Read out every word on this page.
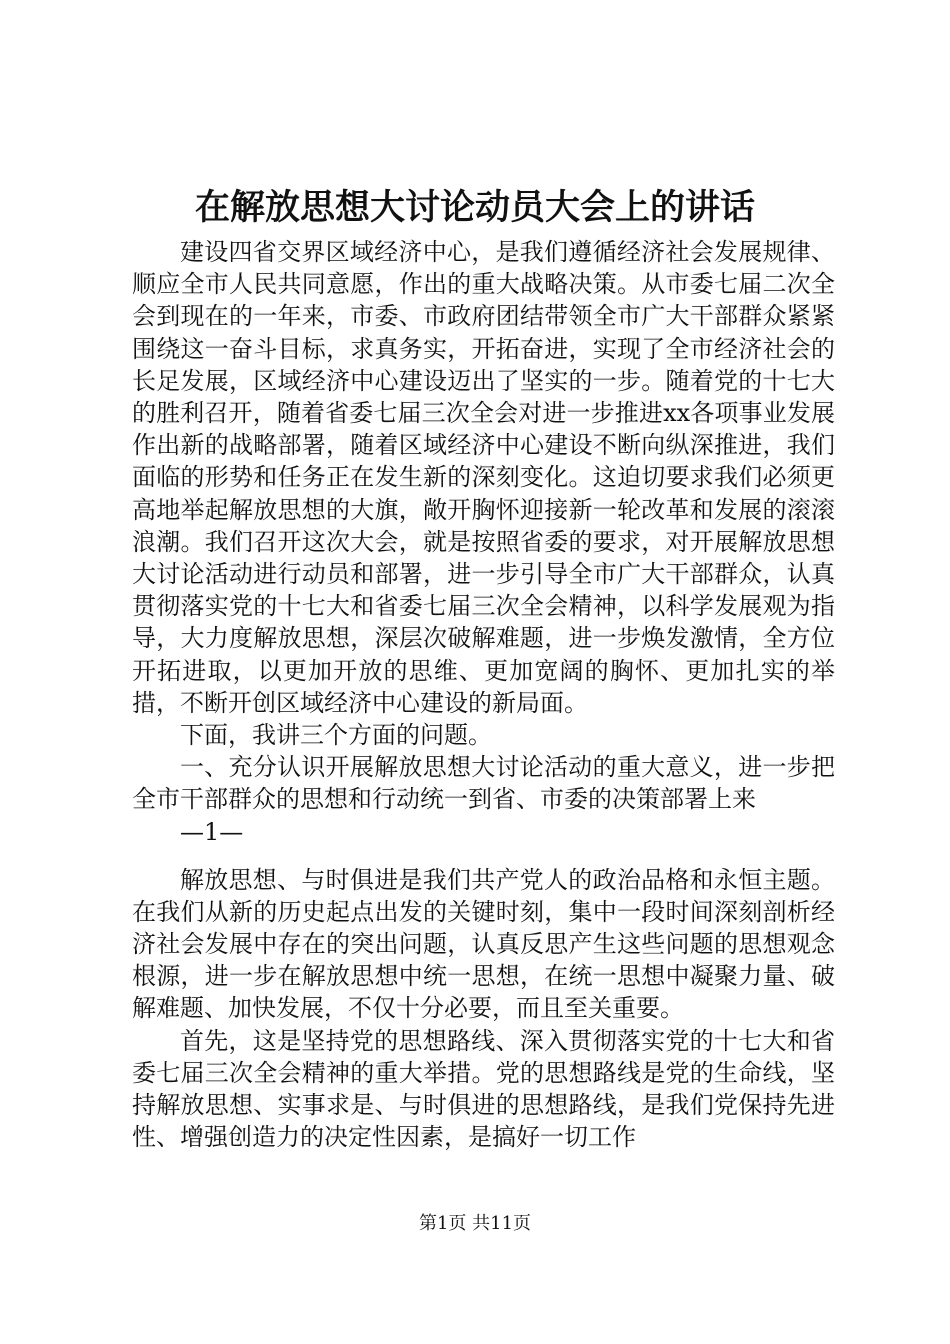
在解放思想大讨论动员大会上的讲话

建设四省交界区域经济中心，是我们遵循经济社会发展规律、顺应全市人民共同意愿，作出的重大战略决策。从市委七届二次全会到现在的一年来，市委、市政府团结带领全市广大干部群众紧紧围绕这一奋斗目标，求真务实，开拓奋进，实现了全市经济社会的长足发展，区域经济中心建设迈出了坚实的一步。随着党的十七大的胜利召开，随着省委七届三次全会对进一步推进xx各项事业发展作出新的战略部署，随着区域经济中心建设不断向纵深推进，我们面临的形势和任务正在发生新的深刻变化。这迫切要求我们必须更高地举起解放思想的大旗，敞开胸怀迎接新一轮改革和发展的滚滚浪潮。我们召开这次大会，就是按照省委的要求，对开展解放思想大讨论活动进行动员和部署，进一步引导全市广大干部群众，认真贯彻落实党的十七大和省委七届三次全会精神，以科学发展观为指导，大力度解放思想，深层次破解难题，进一步焕发激情，全方位开拓进取，以更加开放的思维、更加宽阔的胸怀、更加扎实的举措，不断开创区域经济中心建设的新局面。

下面，我讲三个方面的问题。

一、充分认识开展解放思想大讨论活动的重大意义，进一步把全市干部群众的思想和行动统一到省、市委的决策部署上来

—1—

解放思想、与时俱进是我们共产党人的政治品格和永恒主题。在我们从新的历史起点出发的关键时刻，集中一段时间深刻剖析经济社会发展中存在的突出问题，认真反思产生这些问题的思想观念根源，进一步在解放思想中统一思想，在统一思想中凝聚力量、破解难题、加快发展，不仅十分必要，而且至关重要。

首先，这是坚持党的思想路线、深入贯彻落实党的十七大和省委七届三次全会精神的重大举措。党的思想路线是党的生命线，坚持解放思想、实事求是、与时俱进的思想路线，是我们党保持先进性、增强创造力的决定性因素，是搞好一切工作

第1页 共11页
